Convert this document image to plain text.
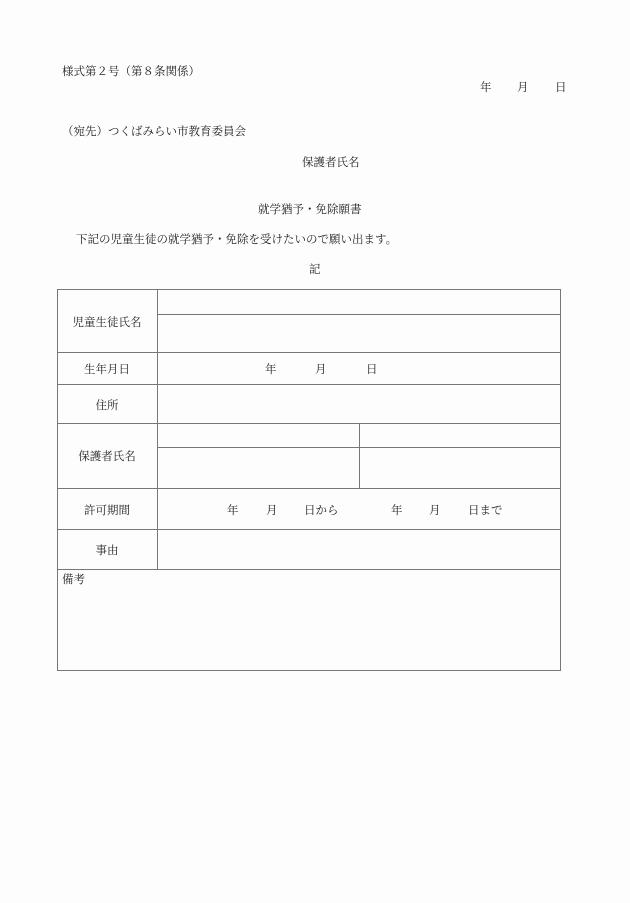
様式第２号（第８条関係）
年 月 日
（宛先）つくばみらい市教育委員会
保護者氏名
就学猶予・免除願書
下記の児童生徒の就学猶予・免除を受けたいので願い出ます。
記
児童生徒氏名
生年月日	年	月	日
住所
保護者氏名
許可期間	年 月 日から	年 月 日まで
事由
備考
